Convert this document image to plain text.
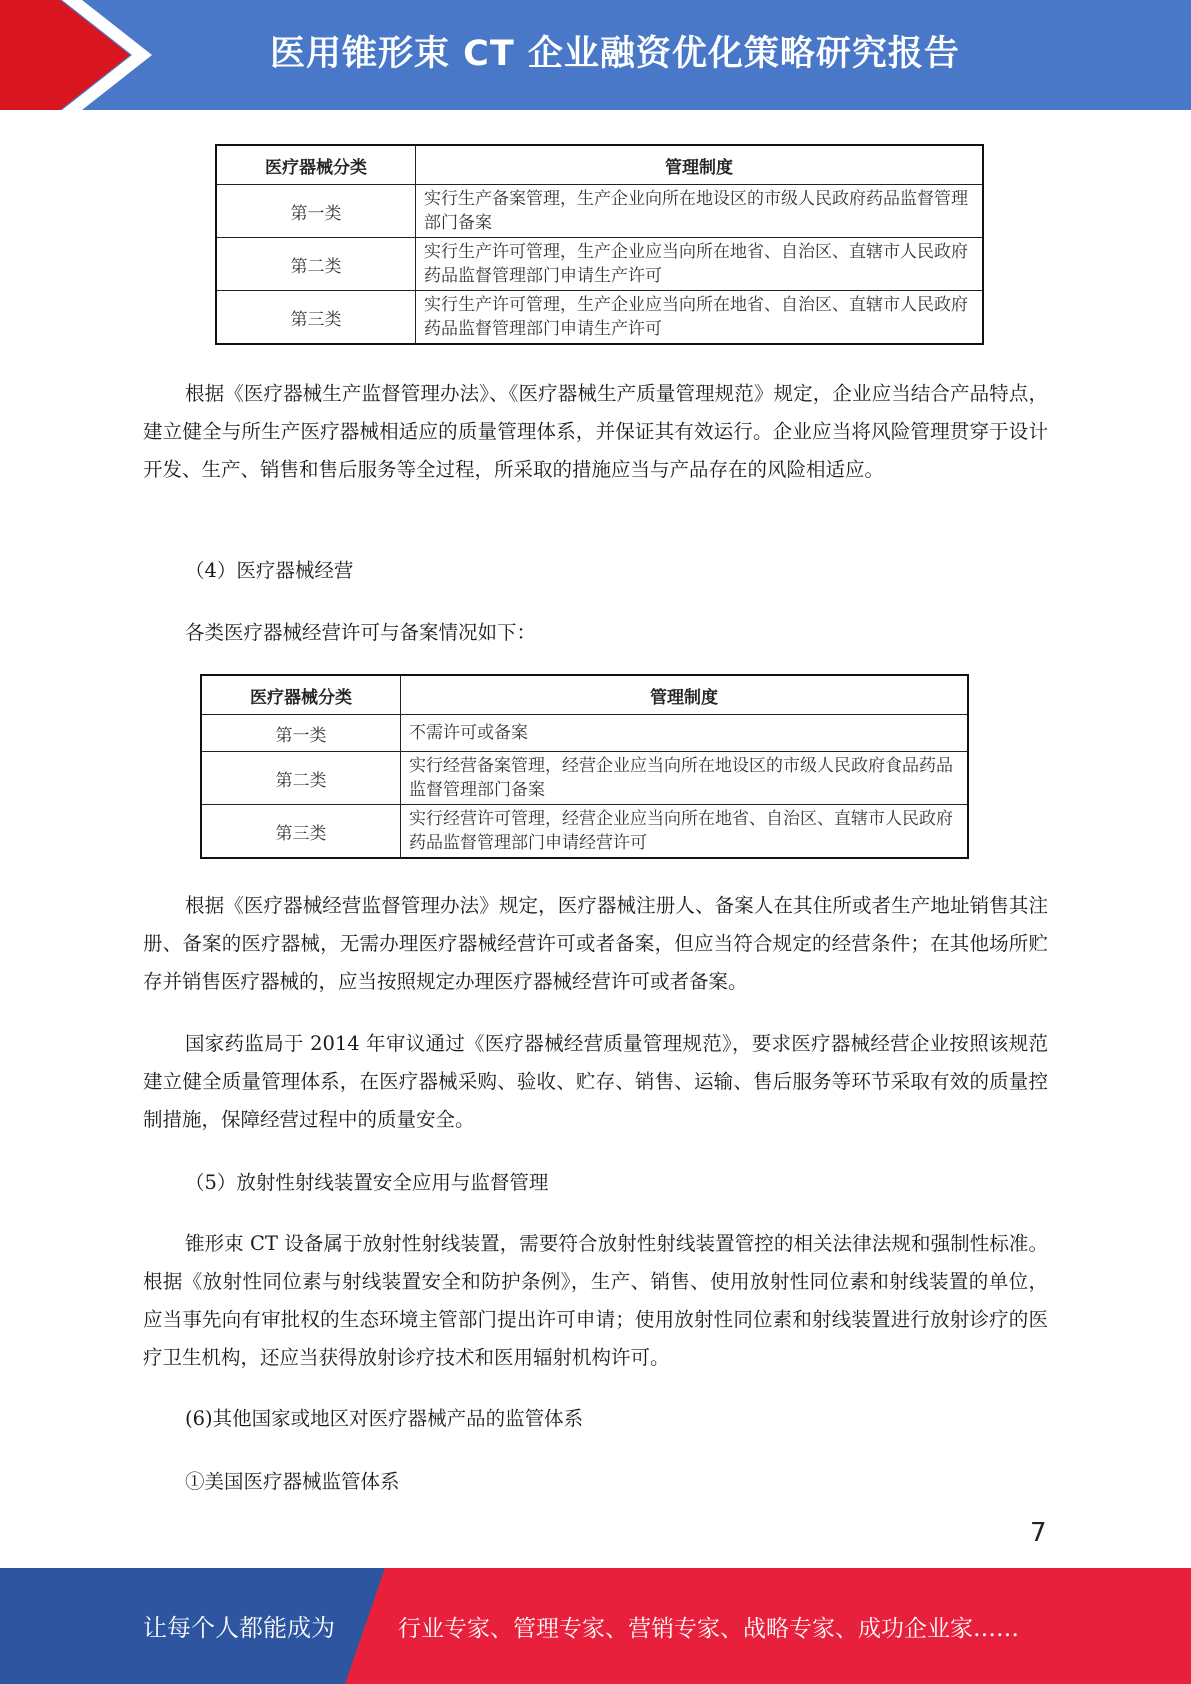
医用锥形束 CT 企业融资优化策略研究报告
医疗器械分类	管理制度
第一类	实行生产备案管理，生产企业向所在地设区的市级人民政府药品监督管理部门备案
第二类	实行生产许可管理，生产企业应当向所在地省、自治区、直辖市人民政府药品监督管理部门申请生产许可
第三类	实行生产许可管理，生产企业应当向所在地省、自治区、直辖市人民政府药品监督管理部门申请生产许可

根据《医疗器械生产监督管理办法》、《医疗器械生产质量管理规范》规定，企业应当结合产品特点，建立健全与所生产医疗器械相适应的质量管理体系，并保证其有效运行。企业应当将风险管理贯穿于设计开发、生产、销售和售后服务等全过程，所采取的措施应当与产品存在的风险相适应。

（4）医疗器械经营

各类医疗器械经营许可与备案情况如下：

医疗器械分类	管理制度
第一类	不需许可或备案
第二类	实行经营备案管理，经营企业应当向所在地设区的市级人民政府食品药品监督管理部门备案
第三类	实行经营许可管理，经营企业应当向所在地省、自治区、直辖市人民政府药品监督管理部门申请经营许可

根据《医疗器械经营监督管理办法》规定，医疗器械注册人、备案人在其住所或者生产地址销售其注册、备案的医疗器械，无需办理医疗器械经营许可或者备案，但应当符合规定的经营条件；在其他场所贮存并销售医疗器械的，应当按照规定办理医疗器械经营许可或者备案。

国家药监局于 2014 年审议通过《医疗器械经营质量管理规范》，要求医疗器械经营企业按照该规范建立健全质量管理体系，在医疗器械采购、验收、贮存、销售、运输、售后服务等环节采取有效的质量控制措施，保障经营过程中的质量安全。

（5）放射性射线装置安全应用与监督管理

锥形束 CT 设备属于放射性射线装置，需要符合放射性射线装置管控的相关法律法规和强制性标准。根据《放射性同位素与射线装置安全和防护条例》，生产、销售、使用放射性同位素和射线装置的单位，应当事先向有审批权的生态环境主管部门提出许可申请；使用放射性同位素和射线装置进行放射诊疗的医疗卫生机构，还应当获得放射诊疗技术和医用辐射机构许可。

(6)其他国家或地区对医疗器械产品的监管体系

①美国医疗器械监管体系

7
让每个人都能成为	行业专家、管理专家、营销专家、战略专家、成功企业家……
